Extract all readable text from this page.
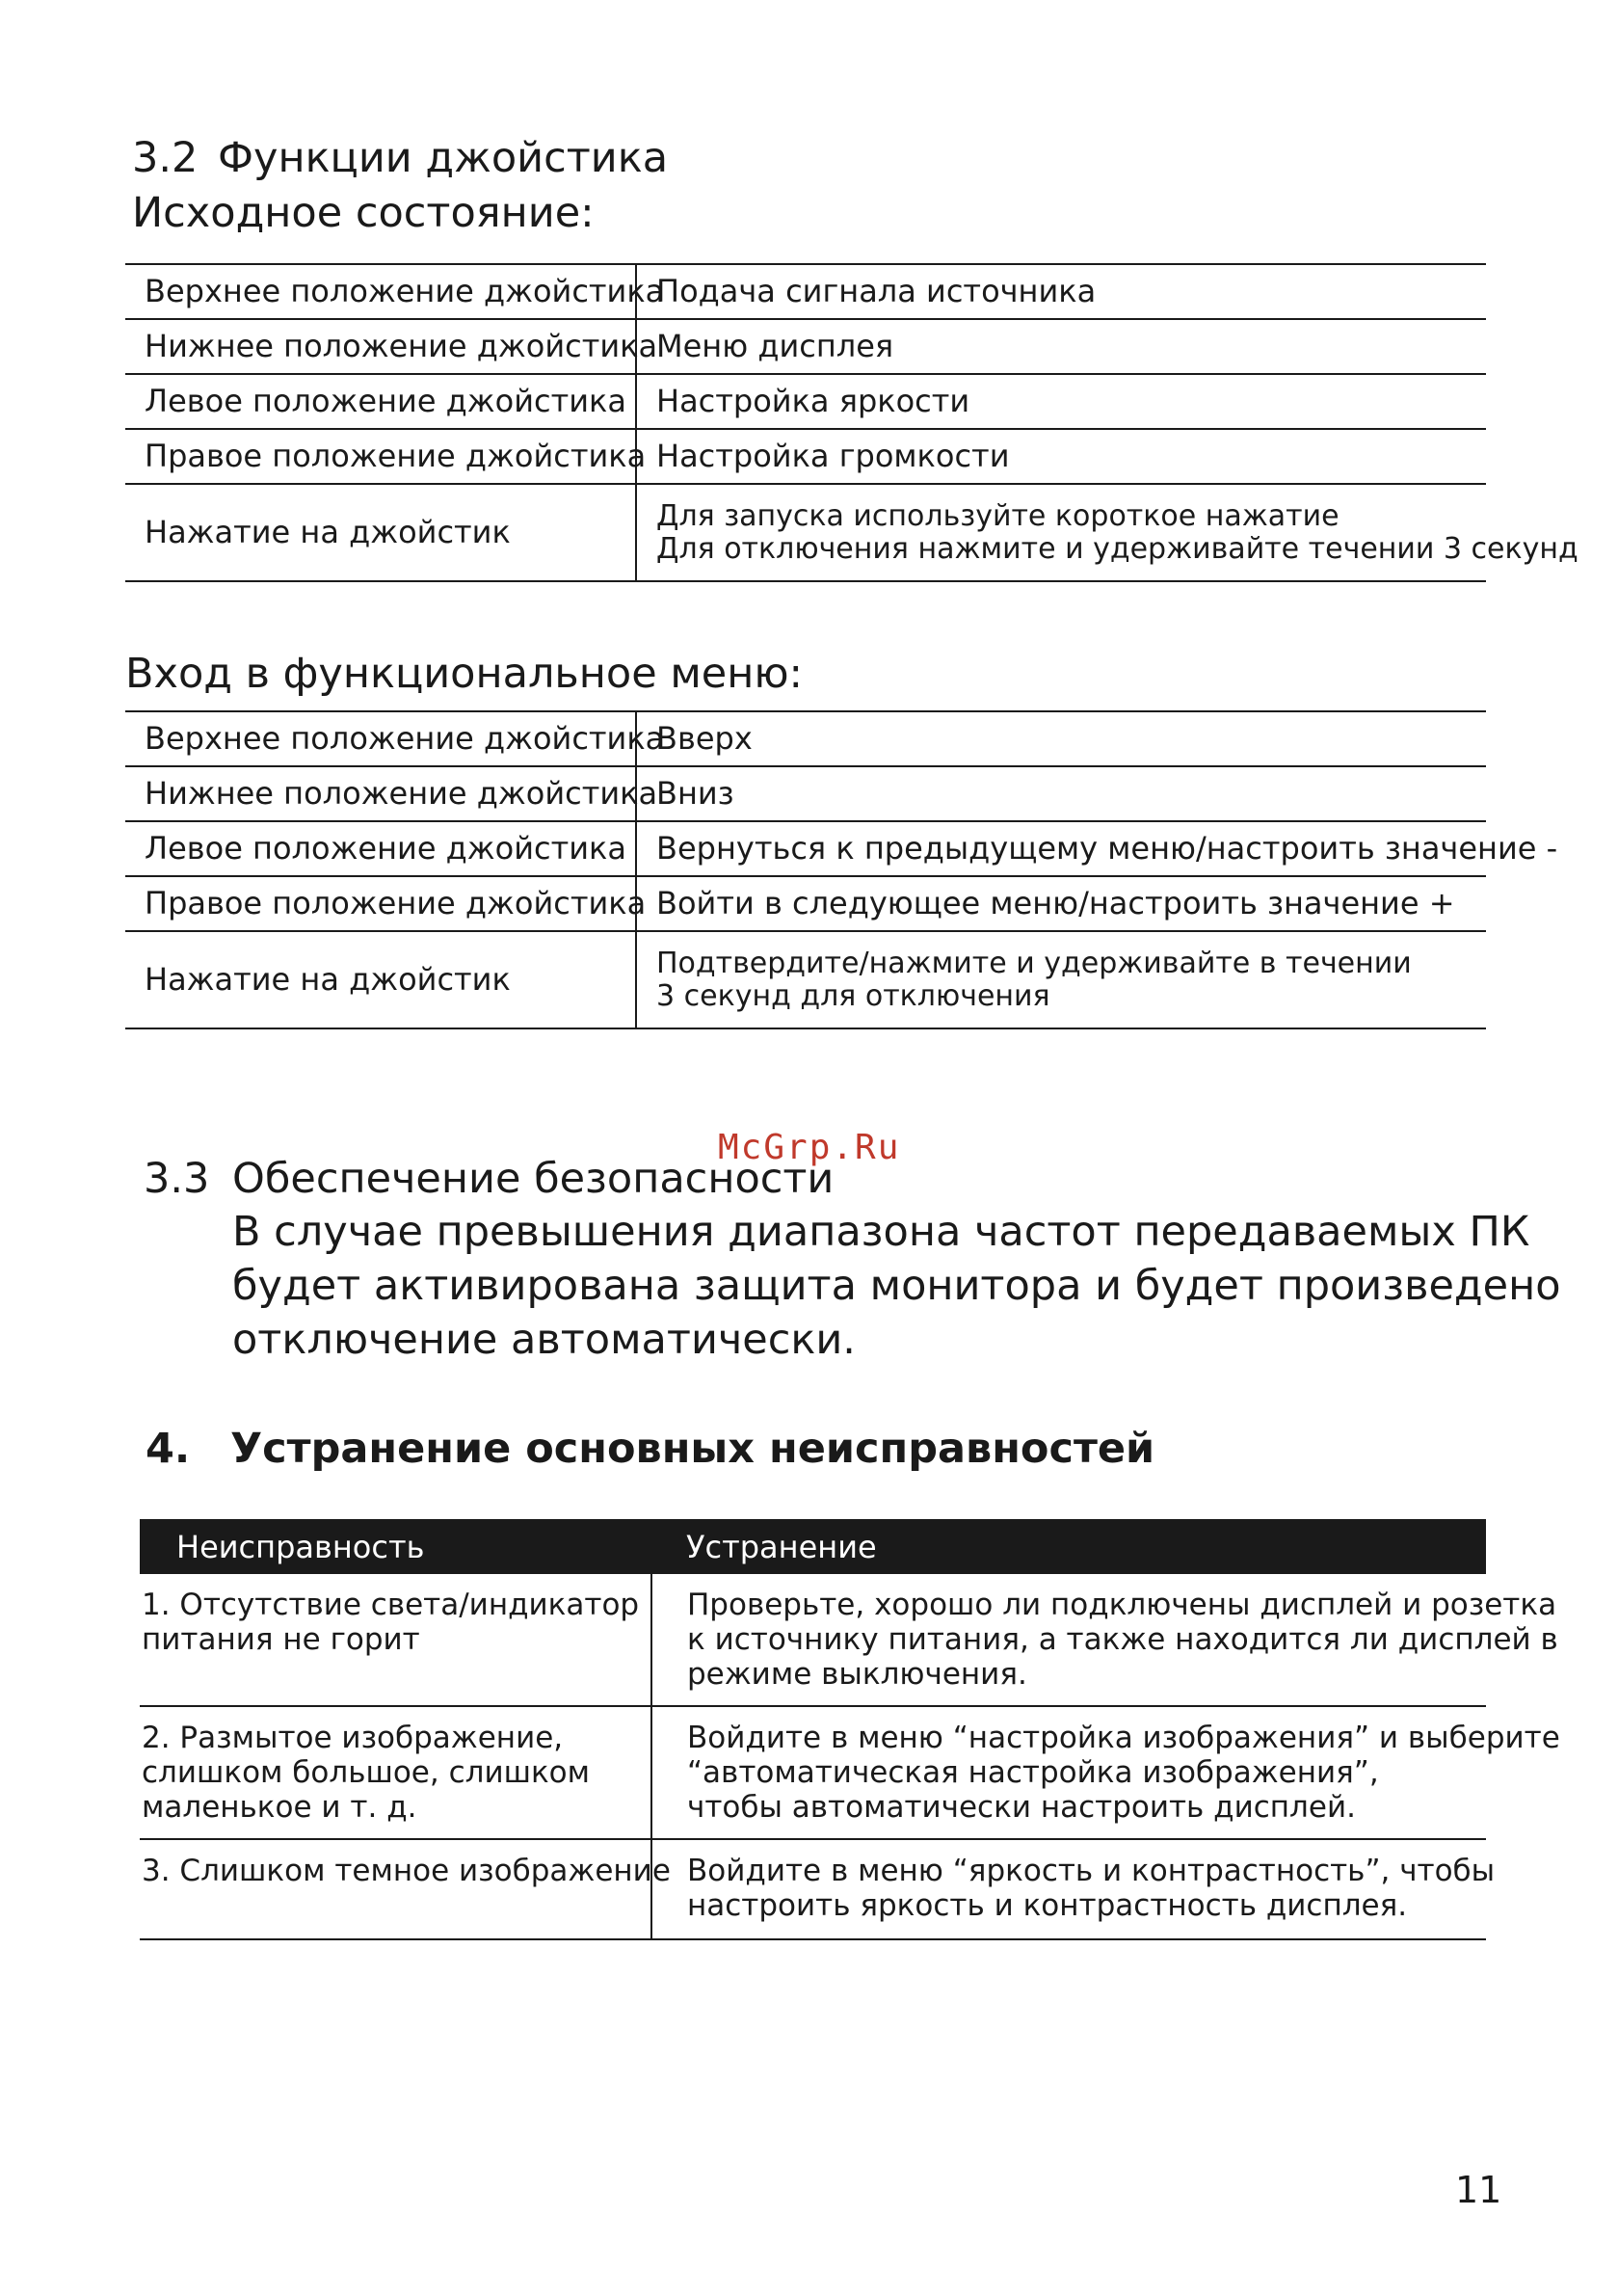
3.2 Функции джойстика
Исходное состояние:
Верхнее положение джойстика	Подача сигнала источника
Нижнее положение джойстика	Меню дисплея
Левое положение джойстика	Настройка яркости
Правое положение джойстика	Настройка громкости
Нажатие на джойстик	Для запуска используйте короткое нажатие
Для отключения нажмите и удерживайте течении 3 секунд
Вход в функциональное меню:
Верхнее положение джойстика	Вверх
Нижнее положение джойстика	Вниз
Левое положение джойстика	Вернуться к предыдущему меню/настроить значение -
Правое положение джойстика	Войти в следующее меню/настроить значение +
Нажатие на джойстик	Подтвердите/нажмите и удерживайте в течении
3 секунд для отключения
3.3 Обеспечение безопасности
McGrp.Ru
В случае превышения диапазона частот передаваемых ПК
будет активирована защита монитора и будет произведено
отключение автоматически.
4. Устранение основных неисправностей
Неисправность	Устранение

1. Отсутствие света/индикатор
питания не горит	Проверьте, хорошо ли подключены дисплей и розетка
к источнику питания, а также находится ли дисплей в
режиме выключения.

2. Размытое изображение,
слишком большое, слишком
маленькое и т. д.	Войдите в меню “настройка изображения” и выберите
“автоматическая настройка изображения”,
чтобы автоматически настроить дисплей.

3. Слишком темное изображение	Войдите в меню “яркость и контрастность”, чтобы
настроить яркость и контрастность дисплея.
11
